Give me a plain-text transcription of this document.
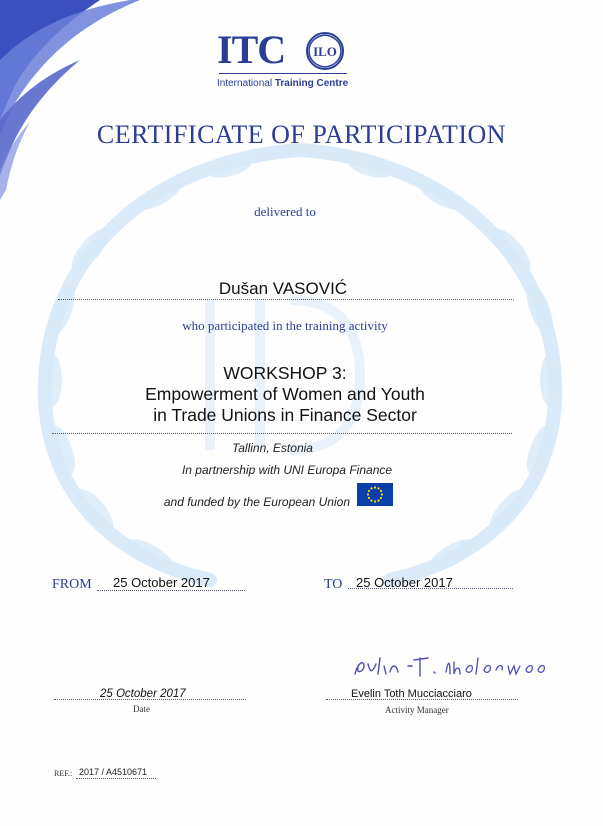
ITC ILO
International Training Centre
CERTIFICATE OF PARTICIPATION
delivered to
Dušan VASOVIĆ
who participated in the training activity
WORKSHOP 3:
Empowerment of Women and Youth
in Trade Unions in Finance Sector
Tallinn, Estonia
In partnership with UNI Europa Finance
and funded by the European Union
FROM 25 October 2017	TO 25 October 2017
25 October 2017
Date
Evelin Toth Mucciacciaro
Activity Manager
REF.: 2017 / A4510671
